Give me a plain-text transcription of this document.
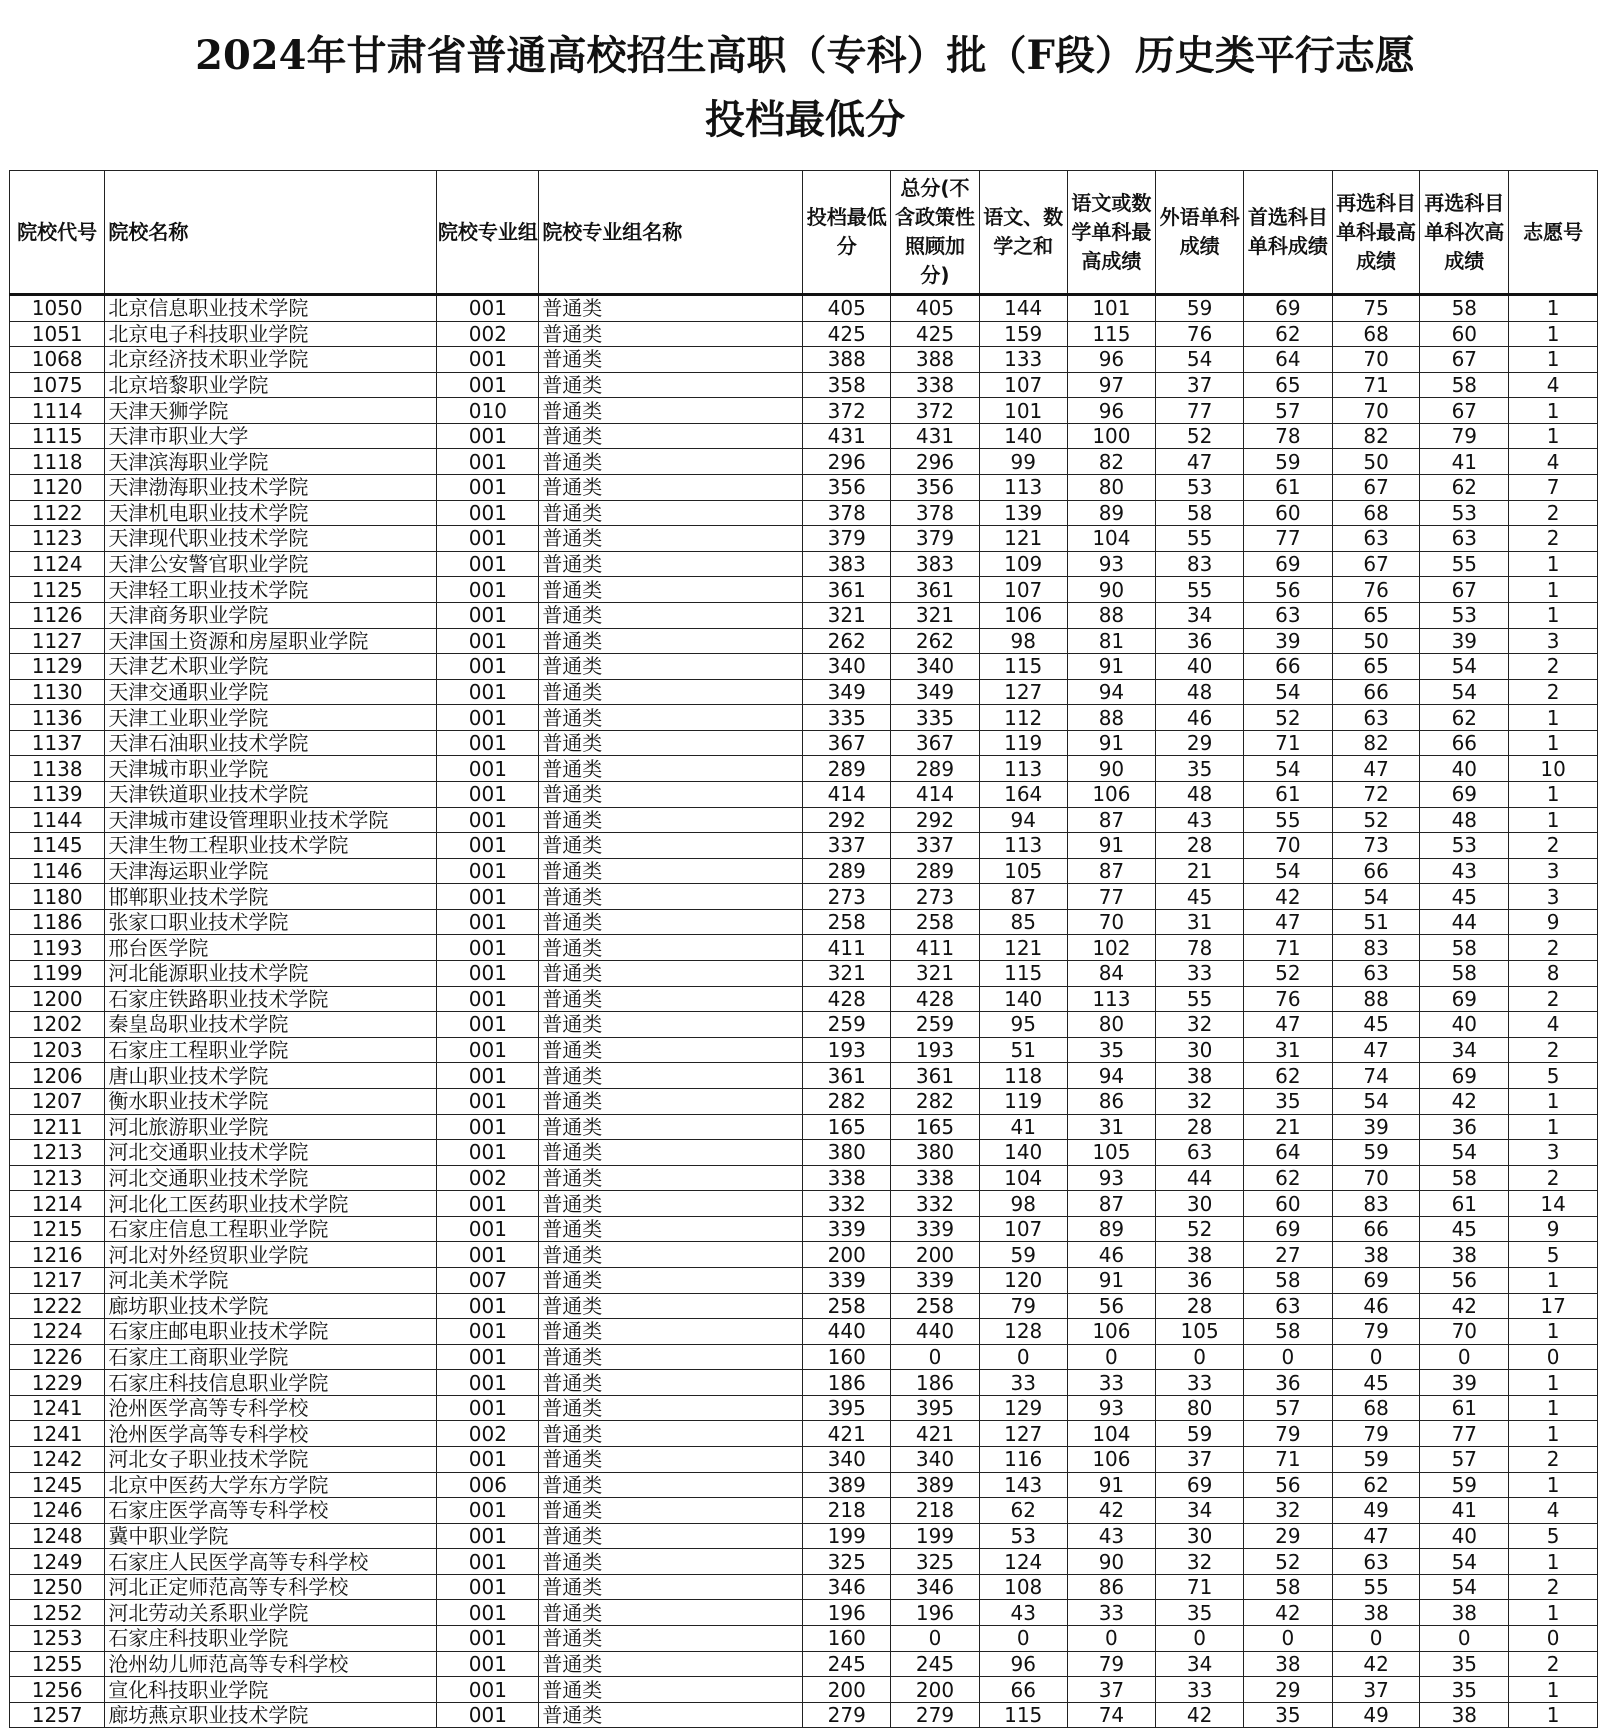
2024年甘肃省普通高校招生高职（专科）批（F段）历史类平行志愿
投档最低分
院校代号	院校名称	院校专业组	院校专业组名称	投档最低分	总分(不含政策性照顾加分)	语文、数学之和	语文或数学单科最高成绩	外语单科成绩	首选科目单科成绩	再选科目单科最高成绩	再选科目单科次高成绩	志愿号
1050	北京信息职业技术学院	001	普通类	405	405	144	101	59	69	75	58	1
1051	北京电子科技职业学院	002	普通类	425	425	159	115	76	62	68	60	1
1068	北京经济技术职业学院	001	普通类	388	388	133	96	54	64	70	67	1
1075	北京培黎职业学院	001	普通类	358	338	107	97	37	65	71	58	4
1114	天津天狮学院	010	普通类	372	372	101	96	77	57	70	67	1
1115	天津市职业大学	001	普通类	431	431	140	100	52	78	82	79	1
1118	天津滨海职业学院	001	普通类	296	296	99	82	47	59	50	41	4
1120	天津渤海职业技术学院	001	普通类	356	356	113	80	53	61	67	62	7
1122	天津机电职业技术学院	001	普通类	378	378	139	89	58	60	68	53	2
1123	天津现代职业技术学院	001	普通类	379	379	121	104	55	77	63	63	2
1124	天津公安警官职业学院	001	普通类	383	383	109	93	83	69	67	55	1
1125	天津轻工职业技术学院	001	普通类	361	361	107	90	55	56	76	67	1
1126	天津商务职业学院	001	普通类	321	321	106	88	34	63	65	53	1
1127	天津国土资源和房屋职业学院	001	普通类	262	262	98	81	36	39	50	39	3
1129	天津艺术职业学院	001	普通类	340	340	115	91	40	66	65	54	2
1130	天津交通职业学院	001	普通类	349	349	127	94	48	54	66	54	2
1136	天津工业职业学院	001	普通类	335	335	112	88	46	52	63	62	1
1137	天津石油职业技术学院	001	普通类	367	367	119	91	29	71	82	66	1
1138	天津城市职业学院	001	普通类	289	289	113	90	35	54	47	40	10
1139	天津铁道职业技术学院	001	普通类	414	414	164	106	48	61	72	69	1
1144	天津城市建设管理职业技术学院	001	普通类	292	292	94	87	43	55	52	48	1
1145	天津生物工程职业技术学院	001	普通类	337	337	113	91	28	70	73	53	2
1146	天津海运职业学院	001	普通类	289	289	105	87	21	54	66	43	3
1180	邯郸职业技术学院	001	普通类	273	273	87	77	45	42	54	45	3
1186	张家口职业技术学院	001	普通类	258	258	85	70	31	47	51	44	9
1193	邢台医学院	001	普通类	411	411	121	102	78	71	83	58	2
1199	河北能源职业技术学院	001	普通类	321	321	115	84	33	52	63	58	8
1200	石家庄铁路职业技术学院	001	普通类	428	428	140	113	55	76	88	69	2
1202	秦皇岛职业技术学院	001	普通类	259	259	95	80	32	47	45	40	4
1203	石家庄工程职业学院	001	普通类	193	193	51	35	30	31	47	34	2
1206	唐山职业技术学院	001	普通类	361	361	118	94	38	62	74	69	5
1207	衡水职业技术学院	001	普通类	282	282	119	86	32	35	54	42	1
1211	河北旅游职业学院	001	普通类	165	165	41	31	28	21	39	36	1
1213	河北交通职业技术学院	001	普通类	380	380	140	105	63	64	59	54	3
1213	河北交通职业技术学院	002	普通类	338	338	104	93	44	62	70	58	2
1214	河北化工医药职业技术学院	001	普通类	332	332	98	87	30	60	83	61	14
1215	石家庄信息工程职业学院	001	普通类	339	339	107	89	52	69	66	45	9
1216	河北对外经贸职业学院	001	普通类	200	200	59	46	38	27	38	38	5
1217	河北美术学院	007	普通类	339	339	120	91	36	58	69	56	1
1222	廊坊职业技术学院	001	普通类	258	258	79	56	28	63	46	42	17
1224	石家庄邮电职业技术学院	001	普通类	440	440	128	106	105	58	79	70	1
1226	石家庄工商职业学院	001	普通类	160	0	0	0	0	0	0	0	0
1229	石家庄科技信息职业学院	001	普通类	186	186	33	33	33	36	45	39	1
1241	沧州医学高等专科学校	001	普通类	395	395	129	93	80	57	68	61	1
1241	沧州医学高等专科学校	002	普通类	421	421	127	104	59	79	79	77	1
1242	河北女子职业技术学院	001	普通类	340	340	116	106	37	71	59	57	2
1245	北京中医药大学东方学院	006	普通类	389	389	143	91	69	56	62	59	1
1246	石家庄医学高等专科学校	001	普通类	218	218	62	42	34	32	49	41	4
1248	冀中职业学院	001	普通类	199	199	53	43	30	29	47	40	5
1249	石家庄人民医学高等专科学校	001	普通类	325	325	124	90	32	52	63	54	1
1250	河北正定师范高等专科学校	001	普通类	346	346	108	86	71	58	55	54	2
1252	河北劳动关系职业学院	001	普通类	196	196	43	33	35	42	38	38	1
1253	石家庄科技职业学院	001	普通类	160	0	0	0	0	0	0	0	0
1255	沧州幼儿师范高等专科学校	001	普通类	245	245	96	79	34	38	42	35	2
1256	宣化科技职业学院	001	普通类	200	200	66	37	33	29	37	35	1
1257	廊坊燕京职业技术学院	001	普通类	279	279	115	74	42	35	49	38	1
